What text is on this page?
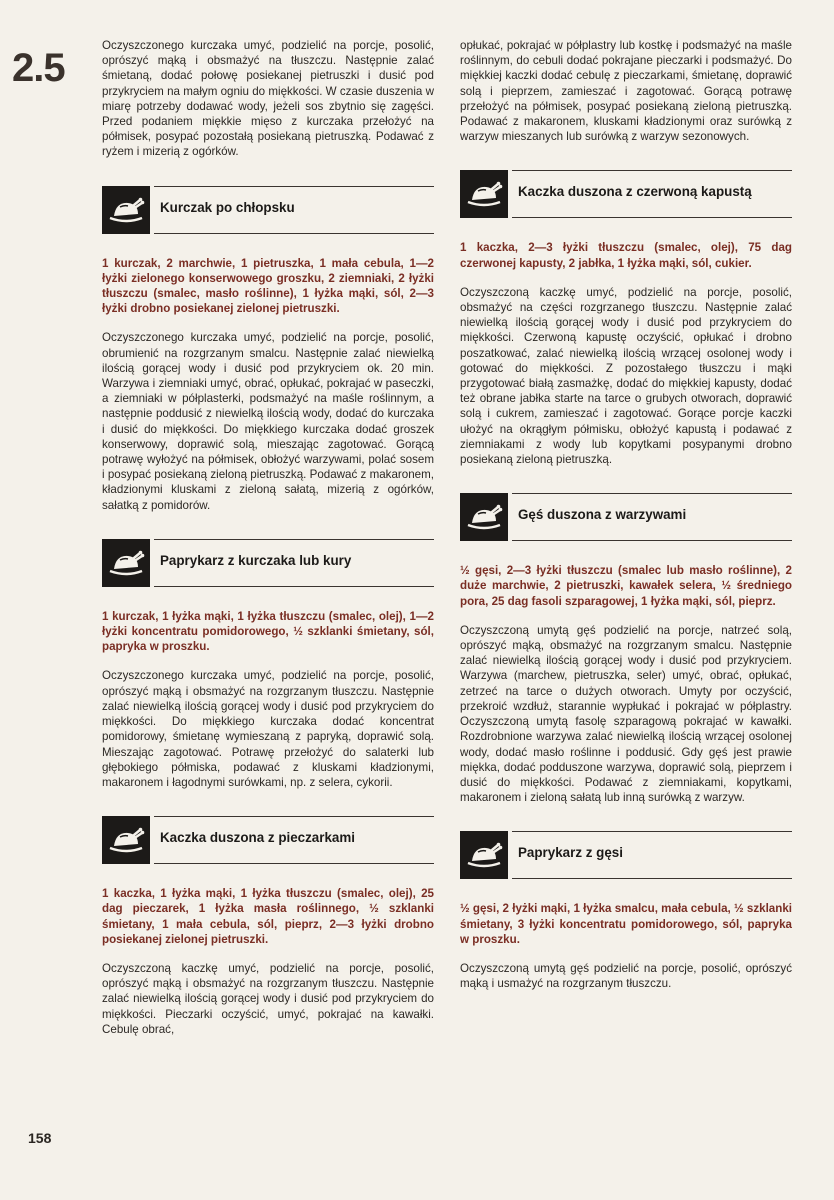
2.5

Oczyszczonego kurczaka umyć, podzielić na porcje, posolić, oprószyć mąką i obsmażyć na tłuszczu. Następnie zalać śmietaną, dodać połowę posiekanej pietruszki i dusić pod przykryciem na małym ogniu do miękkości. W czasie duszenia w miarę potrzeby dodawać wody, jeżeli sos zbytnio się zagęści. Przed podaniem miękkie mięso z kurczaka przełożyć na półmisek, posypać pozostałą posiekaną pietruszką. Podawać z ryżem i mizerią z ogórków.

Kurczak po chłopsku

1 kurczak, 2 marchwie, 1 pietruszka, 1 mała cebula, 1—2 łyżki zielonego konserwowego groszku, 2 ziemniaki, 2 łyżki tłuszczu (smalec, masło roślinne), 1 łyżka mąki, sól, 2—3 łyżki drobno posiekanej zielonej pietruszki.

Oczyszczonego kurczaka umyć, podzielić na porcje, posolić, obrumienić na rozgrzanym smalcu. Następnie zalać niewielką ilością gorącej wody i dusić pod przykryciem ok. 20 min. Warzywa i ziemniaki umyć, obrać, opłukać, pokrajać w paseczki, a ziemniaki w półplasterki, podsmażyć na maśle roślinnym, a następnie poddusić z niewielką ilością wody, dodać do kurczaka i dusić do miękkości. Do miękkiego kurczaka dodać groszek konserwowy, doprawić solą, mieszając zagotować. Gorącą potrawę wyłożyć na półmisek, obłożyć warzywami, polać sosem i posypać posiekaną zieloną pietruszką. Podawać z makaronem, kładzionymi kluskami z zieloną sałatą, mizerią z ogórków, sałatką z pomidorów.

Paprykarz z kurczaka lub kury

1 kurczak, 1 łyżka mąki, 1 łyżka tłuszczu (smalec, olej), 1—2 łyżki koncentratu pomidorowego, ½ szklanki śmietany, sól, papryka w proszku.

Oczyszczonego kurczaka umyć, podzielić na porcje, posolić, oprószyć mąką i obsmażyć na rozgrzanym tłuszczu. Następnie zalać niewielką ilością gorącej wody i dusić pod przykryciem do miękkości. Do miękkiego kurczaka dodać koncentrat pomidorowy, śmietanę wymieszaną z papryką, doprawić solą. Mieszając zagotować. Potrawę przełożyć do salaterki lub głębokiego półmiska, podawać z kluskami kładzionymi, makaronem i łagodnymi surówkami, np. z selera, cykorii.

Kaczka duszona z pieczarkami

1 kaczka, 1 łyżka mąki, 1 łyżka tłuszczu (smalec, olej), 25 dag pieczarek, 1 łyżka masła roślinnego, ½ szklanki śmietany, 1 mała cebula, sól, pieprz, 2—3 łyżki drobno posiekanej zielonej pietruszki.

Oczyszczoną kaczkę umyć, podzielić na porcje, posolić, oprószyć mąką i obsmażyć na rozgrzanym tłuszczu. Następnie zalać niewielką ilością gorącej wody i dusić pod przykryciem do miękkości. Pieczarki oczyścić, umyć, pokrajać na kawałki. Cebulę obrać,

opłukać, pokrajać w półplastry lub kostkę i podsmażyć na maśle roślinnym, do cebuli dodać pokrajane pieczarki i podsmażyć. Do miękkiej kaczki dodać cebulę z pieczarkami, śmietanę, doprawić solą i pieprzem, zamieszać i zagotować. Gorącą potrawę przełożyć na półmisek, posypać posiekaną zieloną pietruszką. Podawać z makaronem, kluskami kładzionymi oraz surówką z warzyw mieszanych lub surówką z warzyw sezonowych.

Kaczka duszona z czerwoną kapustą

1 kaczka, 2—3 łyżki tłuszczu (smalec, olej), 75 dag czerwonej kapusty, 2 jabłka, 1 łyżka mąki, sól, cukier.

Oczyszczoną kaczkę umyć, podzielić na porcje, posolić, obsmażyć na części rozgrzanego tłuszczu. Następnie zalać niewielką ilością gorącej wody i dusić pod przykryciem do miękkości. Czerwoną kapustę oczyścić, opłukać i drobno poszatkować, zalać niewielką ilością wrzącej osolonej wody i gotować do miękkości. Z pozostałego tłuszczu i mąki przygotować białą zasmażkę, dodać do miękkiej kapusty, dodać też obrane jabłka starte na tarce o grubych otworach, doprawić solą i cukrem, zamieszać i zagotować. Gorące porcje kaczki ułożyć na okrągłym półmisku, obłożyć kapustą i podawać z ziemniakami z wody lub kopytkami posypanymi drobno posiekaną zieloną pietruszką.

Gęś duszona z warzywami

½ gęsi, 2—3 łyżki tłuszczu (smalec lub masło roślinne), 2 duże marchwie, 2 pietruszki, kawałek selera, ½ średniego pora, 25 dag fasoli szparagowej, 1 łyżka mąki, sól, pieprz.

Oczyszczoną umytą gęś podzielić na porcje, natrzeć solą, oprószyć mąką, obsmażyć na rozgrzanym smalcu. Następnie zalać niewielką ilością gorącej wody i dusić pod przykryciem. Warzywa (marchew, pietruszka, seler) umyć, obrać, opłukać, zetrzeć na tarce o dużych otworach. Umyty por oczyścić, przekroić wzdłuż, starannie wypłukać i pokrajać w półplastry. Oczyszczoną umytą fasolę szparagową pokrajać w kawałki. Rozdrobnione warzywa zalać niewielką ilością wrzącej osolonej wody, dodać masło roślinne i poddusić. Gdy gęś jest prawie miękka, dodać podduszone warzywa, doprawić solą, pieprzem i dusić do miękkości. Podawać z ziemniakami, kopytkami, makaronem i zieloną sałatą lub inną surówką z warzyw.

Paprykarz z gęsi

½ gęsi, 2 łyżki mąki, 1 łyżka smalcu, mała cebula, ½ szklanki śmietany, 3 łyżki koncentratu pomidorowego, sól, papryka w proszku.

Oczyszczoną umytą gęś podzielić na porcje, posolić, oprószyć mąką i usmażyć na rozgrzanym tłuszczu.

158
